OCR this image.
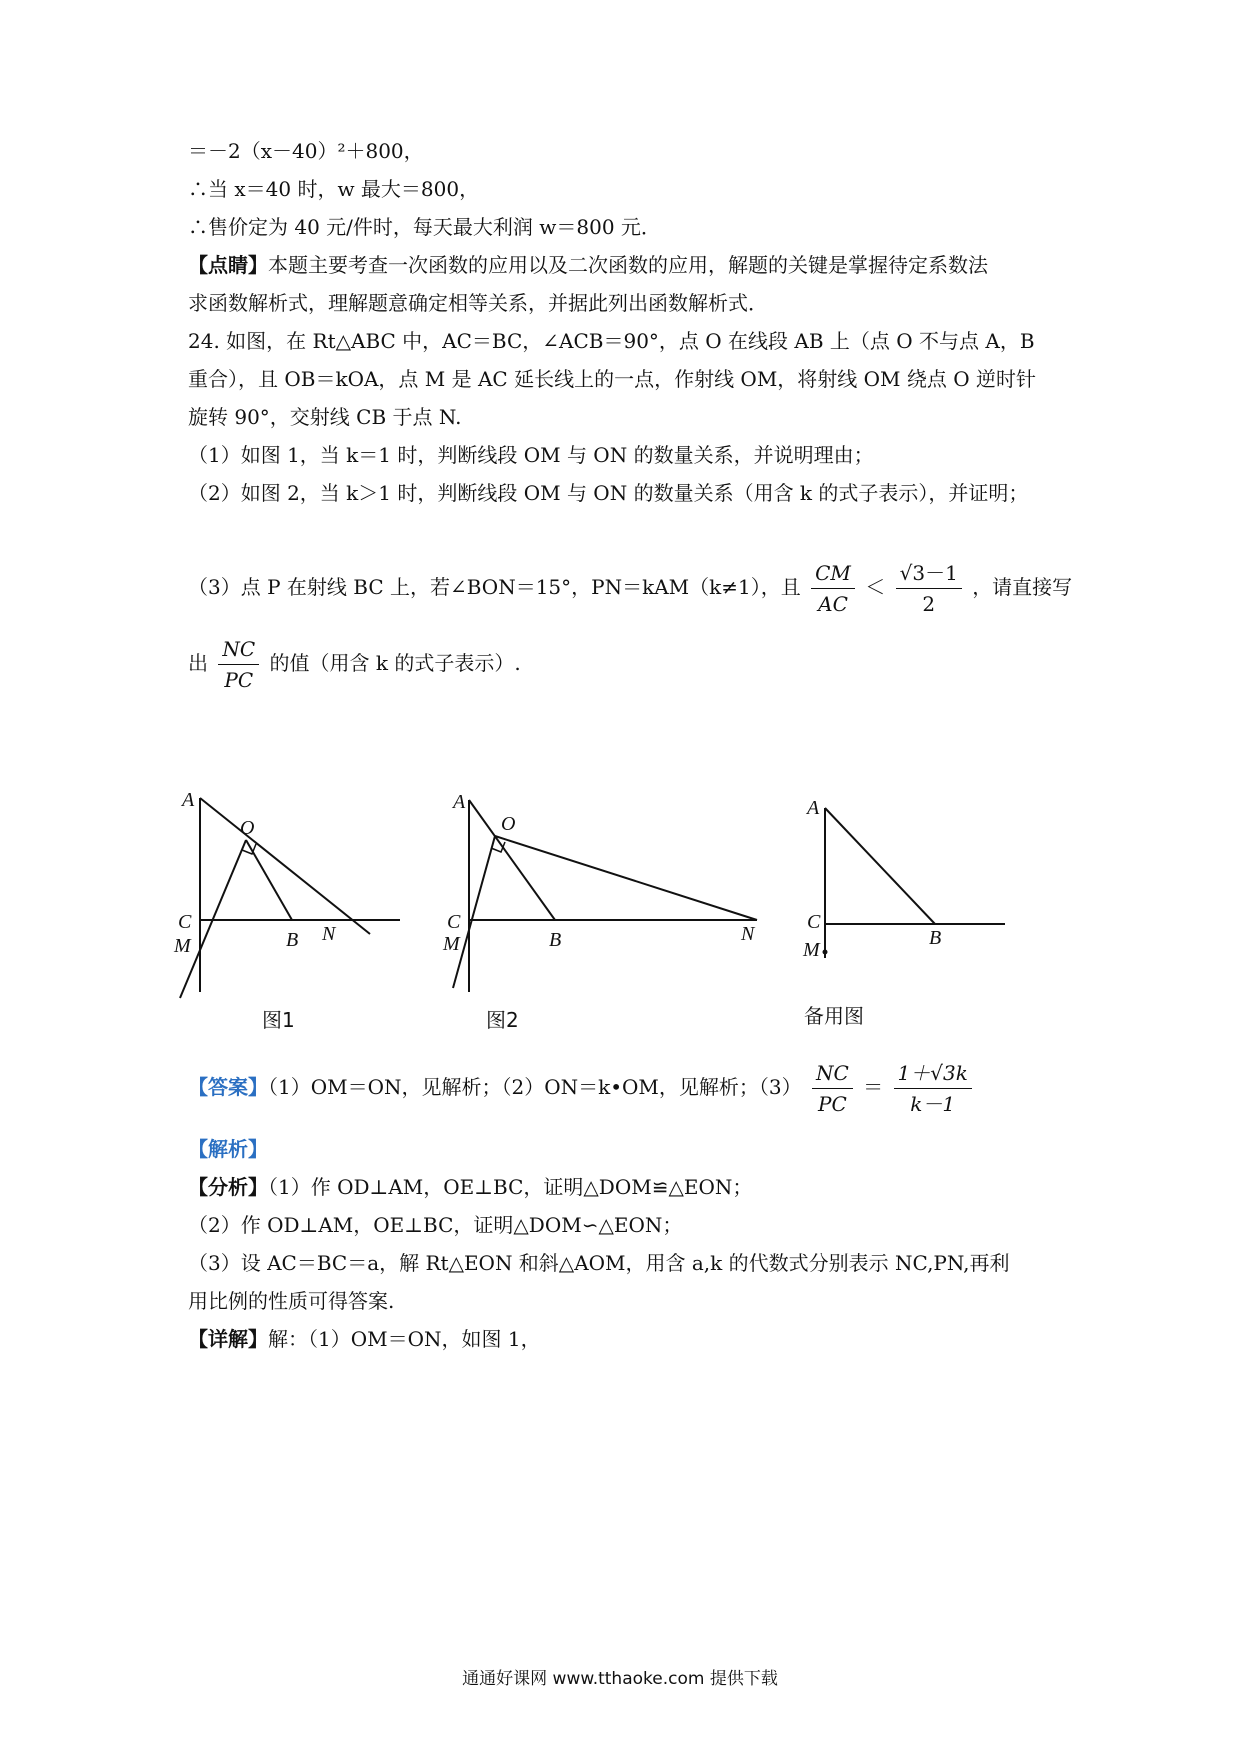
＝－2（x－40）²＋800，
∴当 x＝40 时，w 最大＝800，
∴售价定为 40 元/件时，每天最大利润 w＝800 元．
【点睛】本题主要考查一次函数的应用以及二次函数的应用，解题的关键是掌握待定系数法
求函数解析式，理解题意确定相等关系，并据此列出函数解析式．
24. 如图，在 Rt△ABC 中，AC＝BC，∠ACB＝90°，点 O 在线段 AB 上（点 O 不与点 A，B
重合），且 OB＝kOA，点 M 是 AC 延长线上的一点，作射线 OM，将射线 OM 绕点 O 逆时针
旋转 90°，交射线 CB 于点 N.
（1）如图 1，当 k＝1 时，判断线段 OM 与 ON 的数量关系，并说明理由；
（2）如图 2，当 k＞1 时，判断线段 OM 与 ON 的数量关系（用含 k 的式子表示），并证明；
（3）点 P 在射线 BC 上，若∠BON＝15°，PN＝kAM（k≠1），且 $\frac{CM}{AC} < \frac{√3-1}{2}$ ，请直接写
出 $\frac{NC}{PC}$ 的值（用含 k 的式子表示）.
A
O
C
B N
M
图1
A
O
C
B	N
M
图2
A
C
B
M
备用图
【答案】（1）OM＝ON，见解析；（2）ON＝k•OM，见解析；$(3) \frac{NC}{PC} = \frac{1+√3k}{k-1}$
【解析】
【分析】（1）作 OD⊥AM，OE⊥BC，证明△DOM≌△EON；
（2）作 OD⊥AM，OE⊥BC，证明△DOM∽△EON；
（3）设 AC＝BC＝a，解 Rt△EON 和斜△AOM，用含 a,k 的代数式分别表示 NC,PN,再利
用比例的性质可得答案.
【详解】解：（1）OM＝ON，如图 1，
通通好课网 www.tthaoke.com 提供下载
